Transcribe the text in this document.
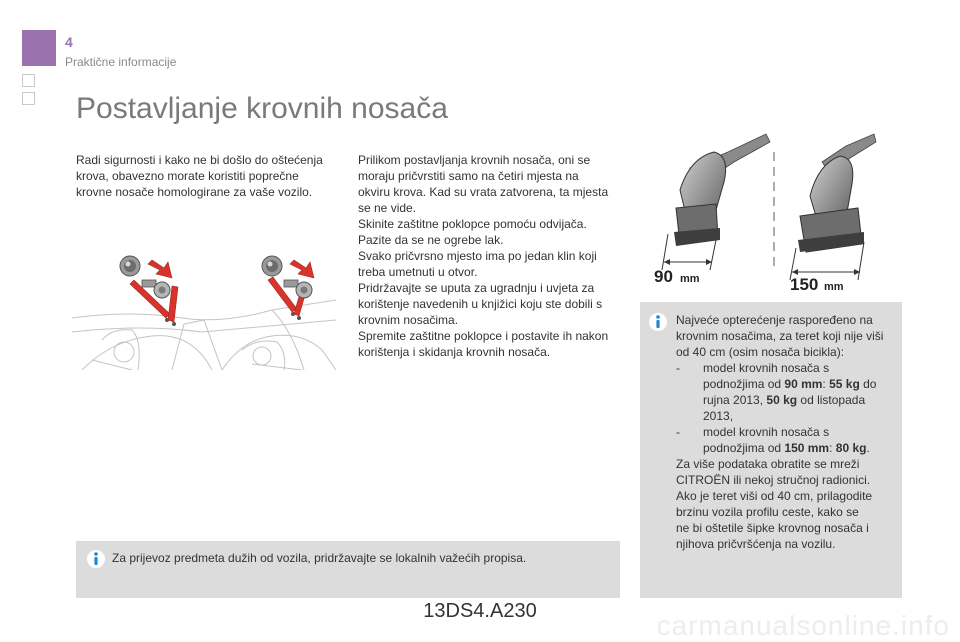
4
Praktične informacije
Postavljanje krovnih nosača
Radi sigurnosti i kako ne bi došlo do oštećenja
krova, obavezno morate koristiti poprečne
krovne nosače homologirane za vaše vozilo.
Prilikom postavljanja krovnih nosača, oni se
moraju pričvrstiti samo na četiri mjesta na
okviru krova. Kad su vrata zatvorena, ta mjesta
se ne vide.
Skinite zaštitne poklopce pomoću odvijača.
Pazite da se ne ogrebe lak.
Svako pričvrsno mjesto ima po jedan klin koji
treba umetnuti u otvor.
Pridržavajte se uputa za ugradnju i uvjeta za
korištenje navedenih u knjižici koju ste dobili s
krovnim nosačima.
Spremite zaštitne poklopce i postavite ih nakon
korištenja i skidanja krovnih nosača.
90 mm	150 mm
Najveće opterećenje raspoređeno na
krovnim nosačima, za teret koji nije viši
od 40 cm (osim nosača bicikla):
-	model krovnih nosača s
podnožjima od 90 mm: 55 kg do
rujna 2013, 50 kg od listopada
2013,
-	model krovnih nosača s
podnožjima od 150 mm: 80 kg.
Za više podataka obratite se mreži
CITROËN ili nekoj stručnoj radionici.
Ako je teret viši od 40 cm, prilagodite
brzinu vozila profilu ceste, kako se
ne bi oštetile šipke krovnog nosača i
njihova pričvršćenja na vozilu.
Za prijevoz predmeta dužih od vozila, pridržavajte se lokalnih važećih propisa.
13DS4.A230	carmanualsonline.info
